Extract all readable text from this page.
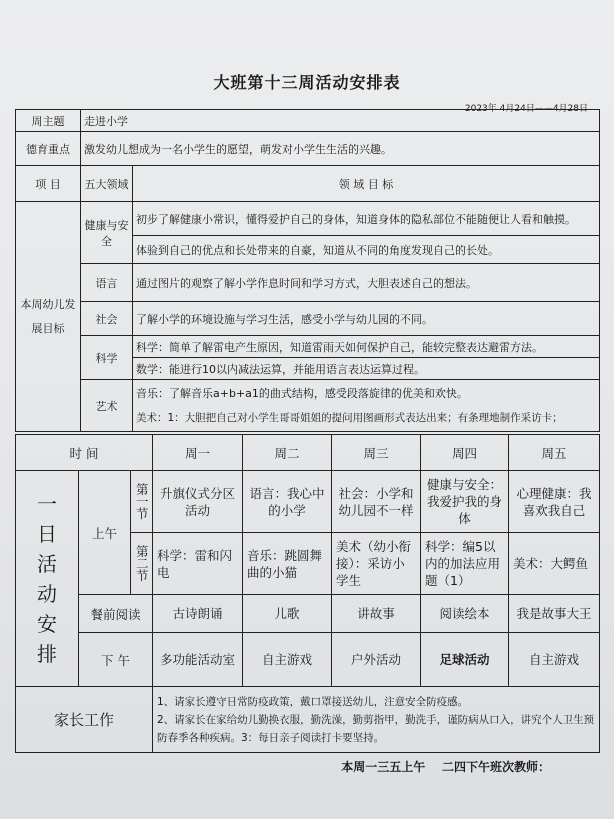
大班第十三周活动安排表
2023年 4月24日——4月28日
周主题	走进小学	
德育重点	激发幼儿想成为一名小学生的愿望，萌发对小学生生活的兴趣。	
项 目	五大领域	领 域 目 标
本周幼儿发展目标	健康与安全	初步了解健康小常识，懂得爱护自己的身体，知道身体的隐私部位不能随便让人看和触摸。
		体验到自己的优点和长处带来的自豪，知道从不同的角度发现自己的长处。
	语言	通过图片的观察了解小学作息时间和学习方式，大胆表述自己的想法。
	社会	了解小学的环境设施与学习生活，感受小学与幼儿园的不同。
	科学	科学：简单了解雷电产生原因，知道雷雨天如何保护自己，能较完整表达避雷方法。
		数学：能进行10以内减法运算，并能用语言表达运算过程。
	艺术	音乐：了解音乐a+b+a1的曲式结构，感受段落旋律的优美和欢快。
美术：1：大胆把自己对小学生哥哥姐姐的提问用图画形式表达出来；有条理地制作采访卡；
时 间			周一	周二	周三	周四	周五
一日活动安排	上午	第一节	升旗仪式分区活动	语言：我心中的小学	社会：小学和幼儿园不一样	健康与安全：我爱护我的身体	心理健康：我喜欢我自己
		第二节	科学：雷和闪电	音乐：跳圆舞曲的小猫	美术（幼小衔接）：采访小学生	科学：编5以内的加法应用题（1）	美术：大鳄鱼
	餐前阅读		古诗朗诵	儿歌	讲故事	阅读绘本	我是故事大王
	下 午		多功能活动室	自主游戏	户外活动	足球活动	自主游戏
家长工作	
1、请家长遵守日常防疫政策，戴口罩接送幼儿，注意安全防疫感。
2、请家长在家给幼儿勤换衣服，勤洗澡，勤剪指甲，勤洗手，谨防病从口入，讲究个人卫生预防春季各种疾病。3：每日亲子阅读打卡要坚持。
本周一三五上午    二四下午班次教师：
